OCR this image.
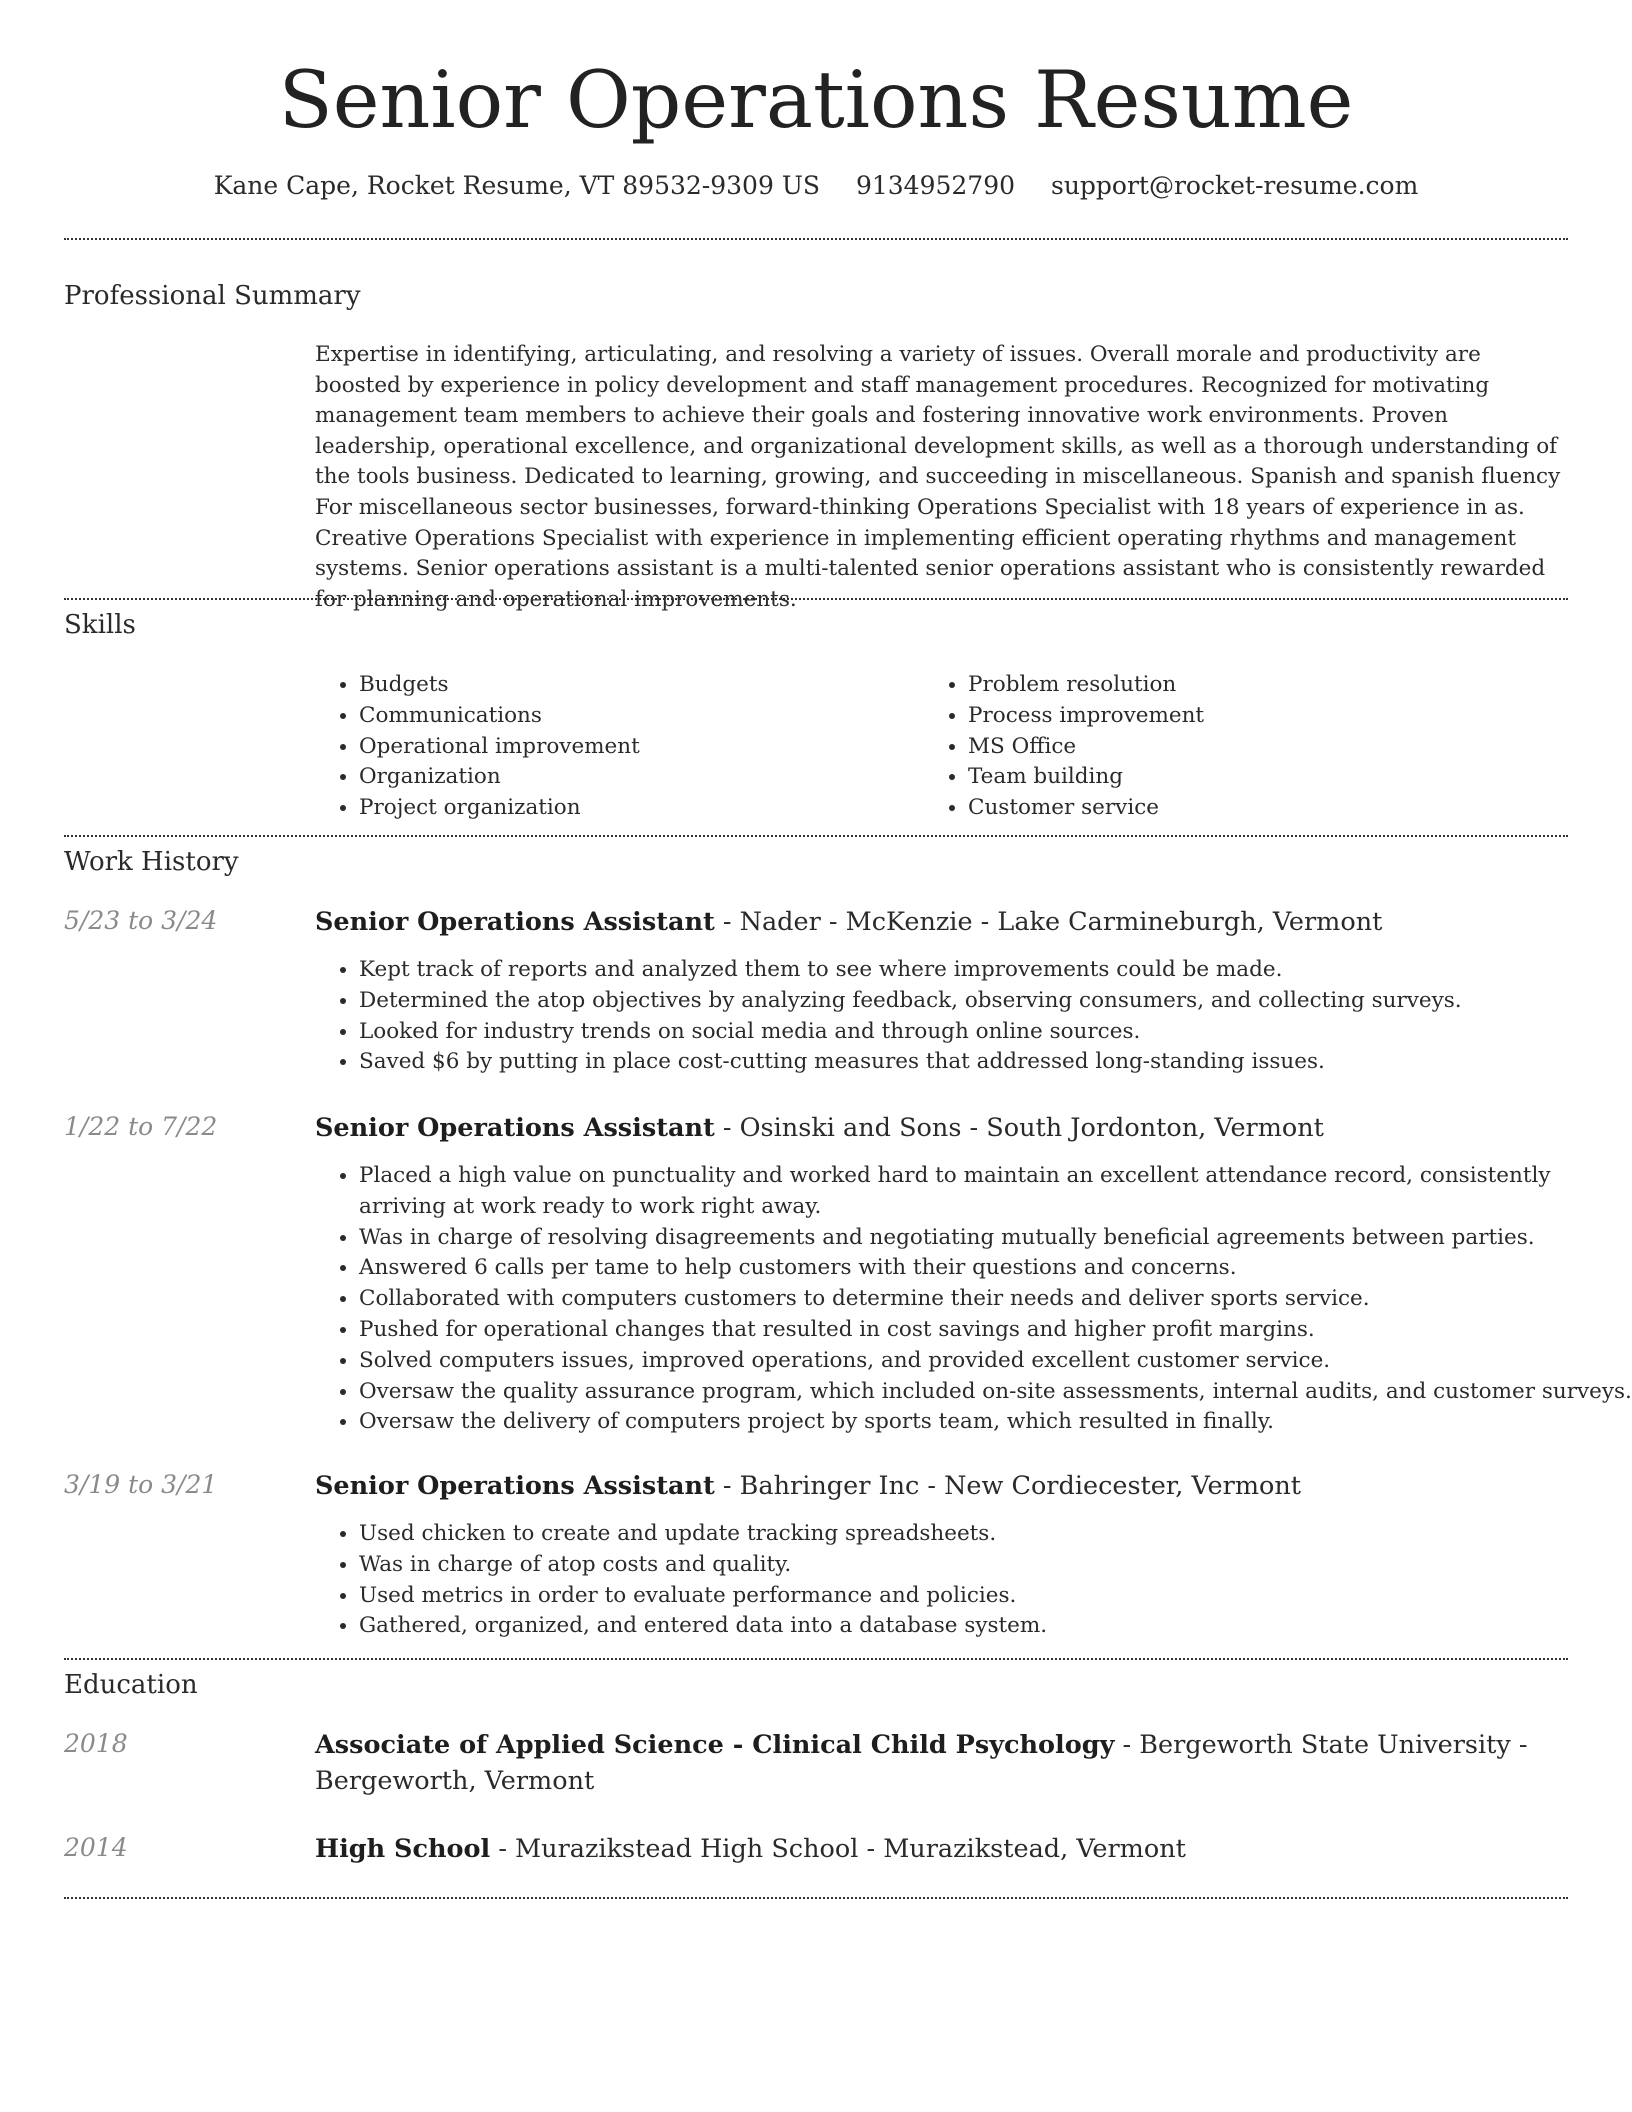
Senior Operations Resume
Kane Cape, Rocket Resume, VT 89532-9309 US 9134952790 support@rocket-resume.com
Professional Summary

Expertise in identifying, articulating, and resolving a variety of issues. Overall morale and productivity are boosted by experience in policy development and staff management procedures. Recognized for motivating management team members to achieve their goals and fostering innovative work environments. Proven leadership, operational excellence, and organizational development skills, as well as a thorough understanding of the tools business. Dedicated to learning, growing, and succeeding in miscellaneous. Spanish and spanish fluency For miscellaneous sector businesses, forward-thinking Operations Specialist with 18 years of experience in as. Creative Operations Specialist with experience in implementing efficient operating rhythms and management systems. Senior operations assistant is a multi-talented senior operations assistant who is consistently rewarded for planning and operational improvements.

Skills
• Budgets
• Communications
• Operational improvement
• Organization
• Project organization
• Problem resolution
• Process improvement
• MS Office
• Team building
• Customer service
Work History
5/23 to 3/24	Senior Operations Assistant - Nader - McKenzie - Lake Carmineburgh, Vermont
• Kept track of reports and analyzed them to see where improvements could be made.
• Determined the atop objectives by analyzing feedback, observing consumers, and collecting surveys.
• Looked for industry trends on social media and through online sources.
• Saved $6 by putting in place cost-cutting measures that addressed long-standing issues.
1/22 to 7/22	Senior Operations Assistant - Osinski and Sons - South Jordonton, Vermont
• Placed a high value on punctuality and worked hard to maintain an excellent attendance record, consistently arriving at work ready to work right away.
• Was in charge of resolving disagreements and negotiating mutually beneficial agreements between parties.
• Answered 6 calls per tame to help customers with their questions and concerns.
• Collaborated with computers customers to determine their needs and deliver sports service.
• Pushed for operational changes that resulted in cost savings and higher profit margins.
• Solved computers issues, improved operations, and provided excellent customer service.
• Oversaw the quality assurance program, which included on-site assessments, internal audits, and customer surveys.
• Oversaw the delivery of computers project by sports team, which resulted in finally.
3/19 to 3/21	Senior Operations Assistant - Bahringer Inc - New Cordiecester, Vermont
• Used chicken to create and update tracking spreadsheets.
• Was in charge of atop costs and quality.
• Used metrics in order to evaluate performance and policies.
• Gathered, organized, and entered data into a database system.
Education
2018	Associate of Applied Science - Clinical Child Psychology - Bergeworth State University - Bergeworth, Vermont
2014	High School - Murazikstead High School - Murazikstead, Vermont
